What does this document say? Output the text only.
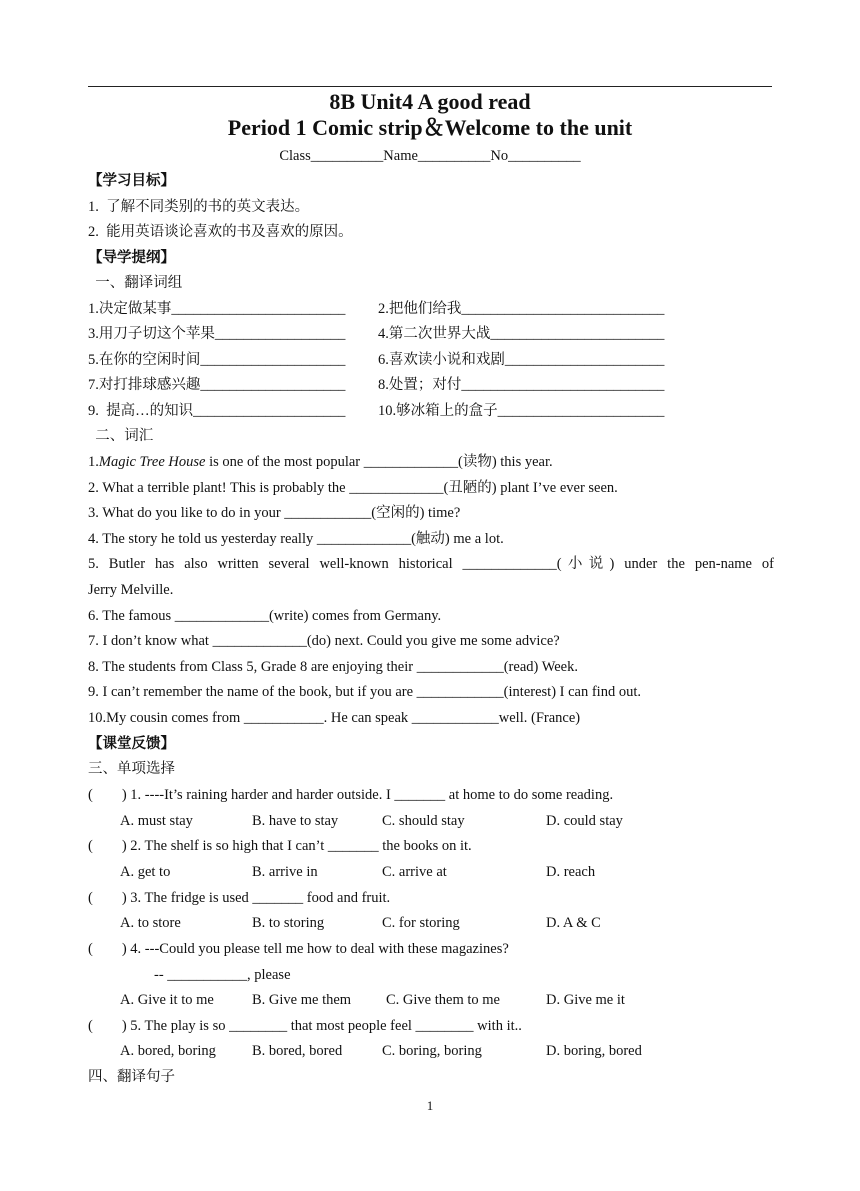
8B Unit4 A good read
Period 1 Comic strip＆Welcome to the unit
Class__________Name__________No__________
【学习目标】
1.  了解不同类别的书的英文表达。
2.  能用英语谈论喜欢的书及喜欢的原因。
【导学提纲】
一、翻译词组
1.决定做某事________________________ 2.把他们给我____________________________
3.用刀子切这个苹果__________________ 4.第二次世界大战________________________
5.在你的空闲时间____________________ 6.喜欢读小说和戏剧______________________
7.对打排球感兴趣____________________ 8.处置；对付____________________________
9.  提高…的知识_____________________ 10.够冰箱上的盒子_______________________
二、词汇
1.Magic Tree House is one of the most popular _____________(读物) this year.
2. What a terrible plant! This is probably the _____________(丑陋的) plant I’ve ever seen.
3. What do you like to do in your ____________(空闲的) time?
4. The story he told us yesterday really _____________(触动) me a lot.
5. Butler has also written several well-known historical _____________(小说) under the pen-name of
Jerry Melville.
6. The famous _____________(write) comes from Germany.
7. I don’t know what _____________(do) next. Could you give me some advice?
8. The students from Class 5, Grade 8 are enjoying their ____________(read) Week.
9. I can’t remember the name of the book, but if you are ____________(interest) I can find out.
10.My cousin comes from ___________. He can speak ____________well. (France)
【课堂反馈】
三、单项选择
(        ) 1. ----It’s raining harder and harder outside. I _______ at home to do some reading.
A. must stay	B. have to stay	C. should stay	D. could stay
(        ) 2. The shelf is so high that I can’t _______ the books on it.
A. get to	B. arrive in	C. arrive at	D. reach
(        ) 3. The fridge is used _______ food and fruit.
A. to store	B. to storing	C. for storing	D. A & C
(        ) 4. ---Could you please tell me how to deal with these magazines?
-- ___________, please
A. Give it to me	B. Give me them C. Give them to me	D. Give me it
(        ) 5. The play is so ________ that most people feel ________ with it..
A. bored, boring B. bored, bored	C. boring, boring	D. boring, bored
四、翻译句子
1
